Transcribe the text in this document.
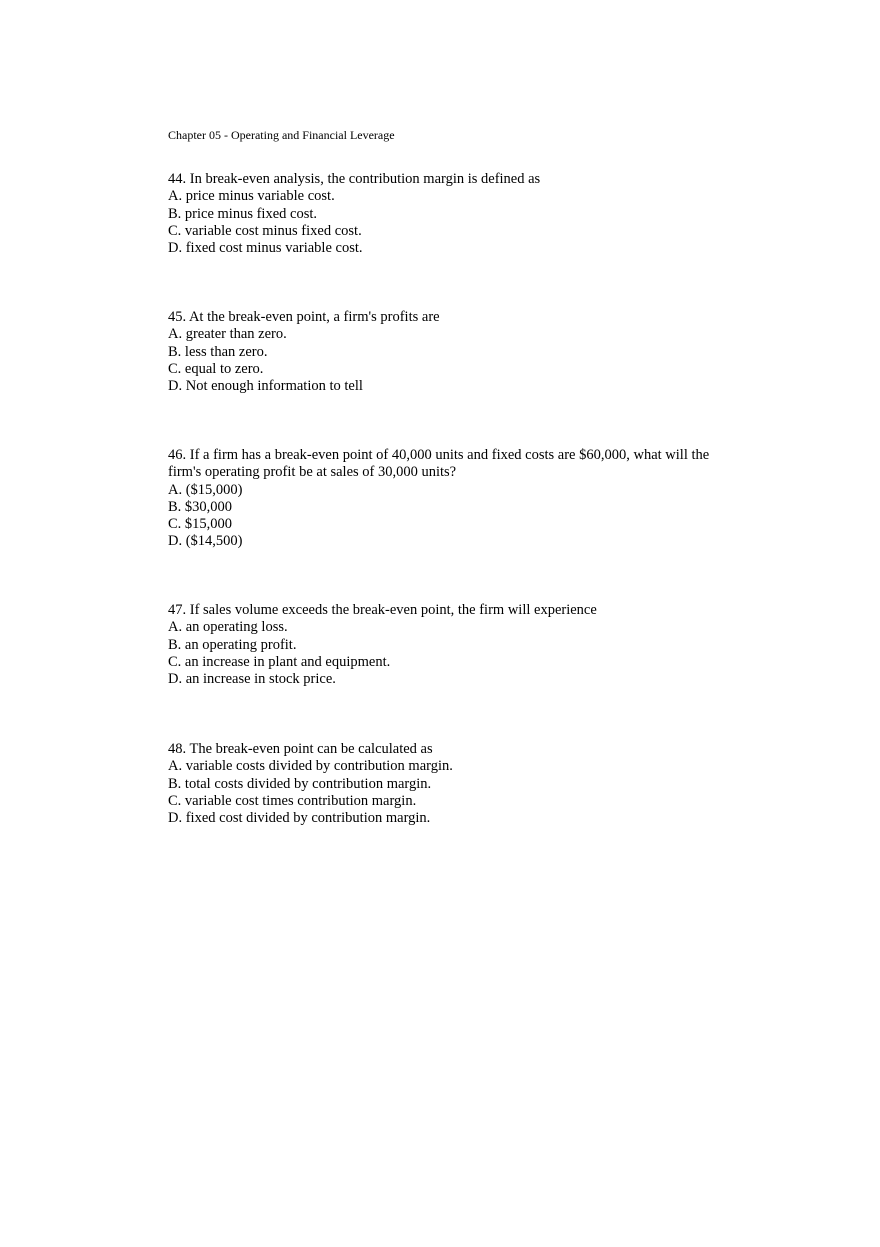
Chapter 05 - Operating and Financial Leverage
44. In break-even analysis, the contribution margin is defined as
A. price minus variable cost.
B. price minus fixed cost.
C. variable cost minus fixed cost.
D. fixed cost minus variable cost.
45. At the break-even point, a firm's profits are
A. greater than zero.
B. less than zero.
C. equal to zero.
D. Not enough information to tell
46. If a firm has a break-even point of 40,000 units and fixed costs are $60,000, what will the
firm's operating profit be at sales of 30,000 units?
A. ($15,000)
B. $30,000
C. $15,000
D. ($14,500)
47. If sales volume exceeds the break-even point, the firm will experience
A. an operating loss.
B. an operating profit.
C. an increase in plant and equipment.
D. an increase in stock price.
48. The break-even point can be calculated as
A. variable costs divided by contribution margin.
B. total costs divided by contribution margin.
C. variable cost times contribution margin.
D. fixed cost divided by contribution margin.
